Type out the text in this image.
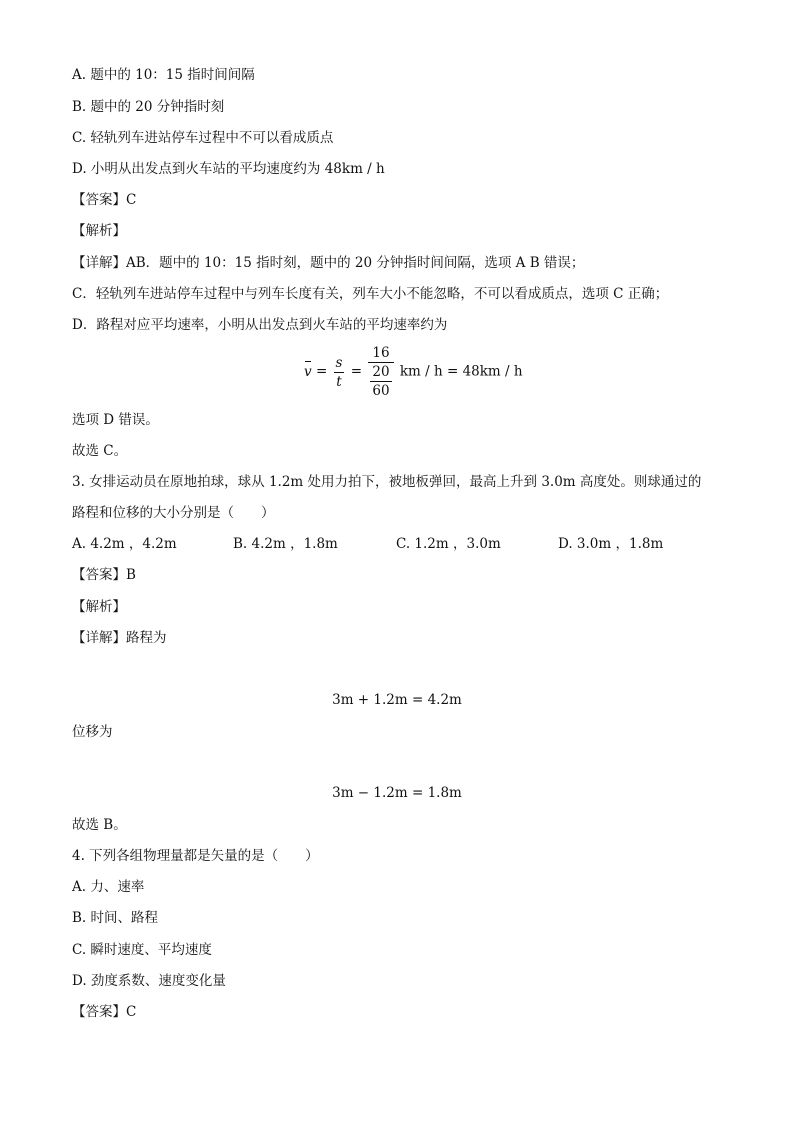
A. 题中的 10：15 指时间间隔
B. 题中的 20 分钟指时刻
C. 轻轨列车进站停车过程中不可以看成质点
D. 小明从出发点到火车站的平均速度约为 48km / h
【答案】C
【解析】
【详解】AB．题中的 10：15 指时刻，题中的 20 分钟指时间间隔，选项 A B 错误；
C．轻轨列车进站停车过程中与列车长度有关，列车大小不能忽略，不可以看成质点，选项 C 正确；
D．路程对应平均速率，小明从出发点到火车站的平均速率约为
$v = \frac{s}{t} = 16$
20
60 km / h = 48km / h
选项 D 错误。
故选 C。
3. 女排运动员在原地拍球，球从 1.2m 处用力拍下，被地板弹回，最高上升到 3.0m 高度处。则球通过的
路程和位移的大小分别是（　　）
A. 4.2m ，4.2m	B. 4.2m ，1.8m	C. 1.2m ，3.0m	D. 3.0m ，1.8m
【答案】B
【解析】
【详解】路程为
3m + 1.2m = 4.2m
位移为
3m − 1.2m = 1.8m
故选 B。
4. 下列各组物理量都是矢量的是（　　）
A. 力、速率
B. 时间、路程
C. 瞬时速度、平均速度
D. 劲度系数、速度变化量
【答案】C
